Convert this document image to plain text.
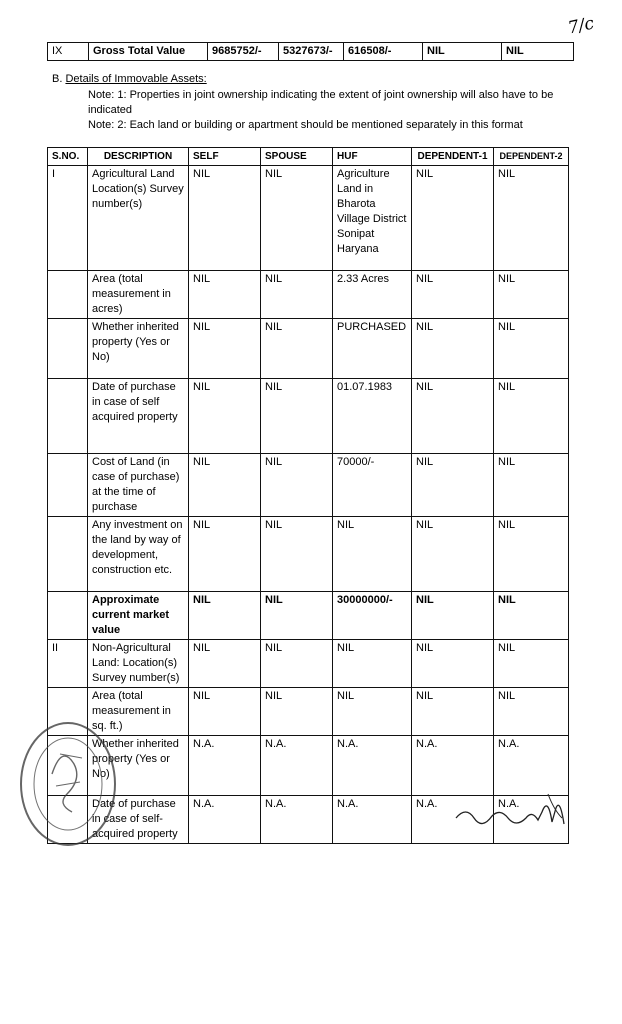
7/c
IX	Gross Total Value	9685752/-	5327673/-	616508/-	NIL	NIL
B. Details of Immovable Assets:
Note: 1: Properties in joint ownership indicating the extent of joint ownership will also have to be indicated
Note: 2: Each land or building or apartment should be mentioned separately in this format
S.NO.	DESCRIPTION	SELF	SPOUSE	HUF	DEPENDENT-1	DEPENDENT-2
I	Agricultural Land Location(s) Survey number(s)	NIL	NIL	Agriculture Land in Bharota Village District Sonipat Haryana	NIL	NIL
	Area (total measurement in acres)	NIL	NIL	2.33 Acres	NIL	NIL
	Whether inherited property (Yes or No)	NIL	NIL	PURCHASED	NIL	NIL
	Date of purchase in case of self acquired property	NIL	NIL	01.07.1983	NIL	NIL
	Cost of Land (in case of purchase) at the time of purchase	NIL	NIL	70000/-	NIL	NIL
	Any investment on the land by way of development, construction etc.	NIL	NIL	NIL	NIL	NIL
	Approximate current market value	NIL	NIL	30000000/-	NIL	NIL
II	Non-Agricultural Land: Location(s) Survey number(s)	NIL	NIL	NIL	NIL	NIL
	Area (total measurement in sq. ft.)	NIL	NIL	NIL	NIL	NIL
	Whether inherited property (Yes or No)	N.A.	N.A.	N.A.	N.A.	N.A.
	Date of purchase in case of self-acquired property	N.A.	N.A.	N.A.	N.A.	N.A.
